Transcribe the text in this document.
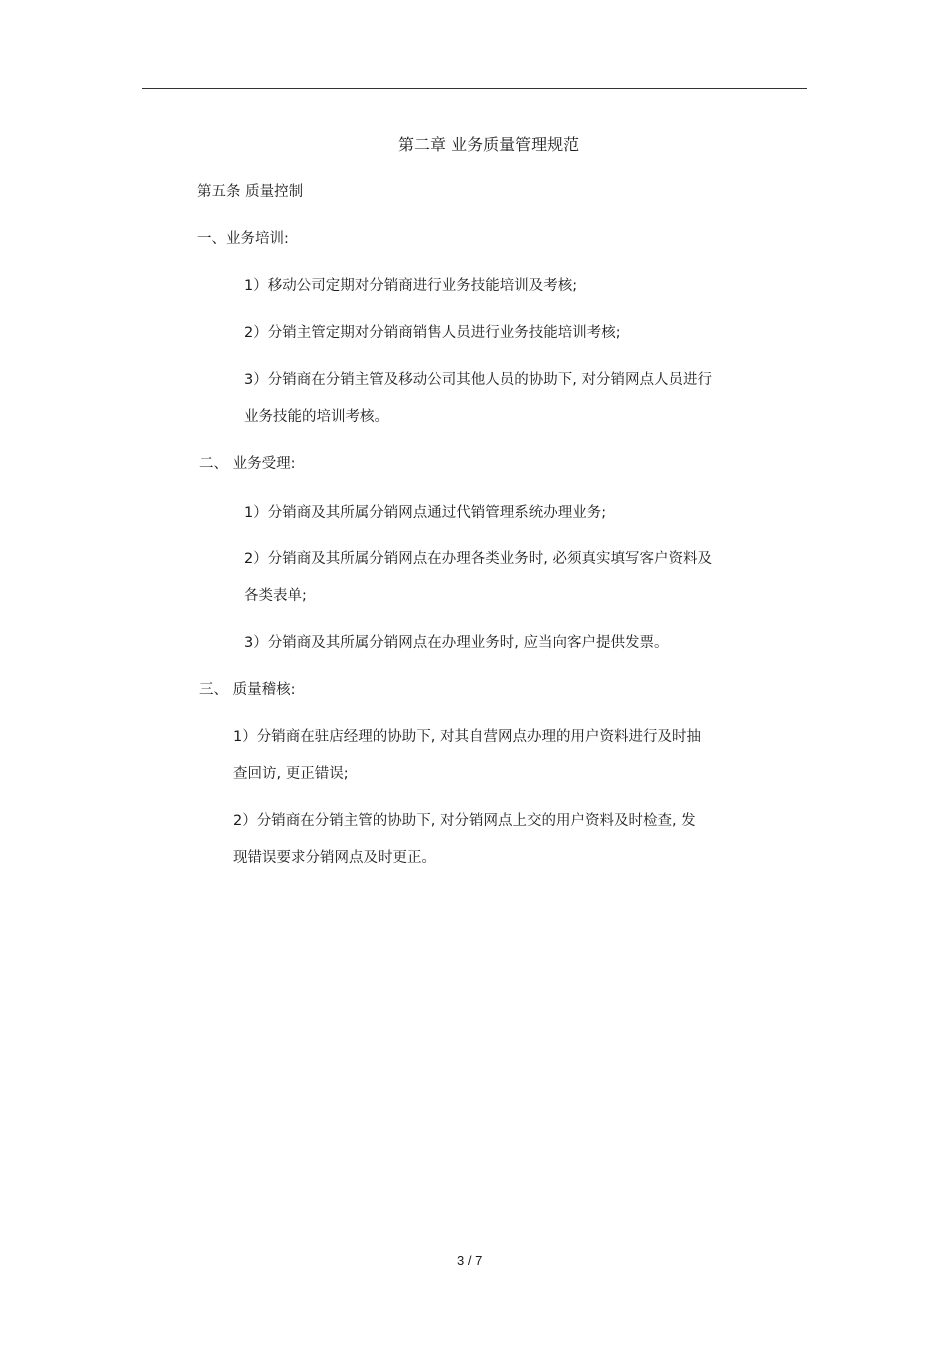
第二章 业务质量管理规范
第五条 质量控制
一、业务培训:
1）移动公司定期对分销商进行业务技能培训及考核;
2）分销主管定期对分销商销售人员进行业务技能培训考核;
3）分销商在分销主管及移动公司其他人员的协助下, 对分销网点人员进行
业务技能的培训考核。
二、 业务受理:
1）分销商及其所属分销网点通过代销管理系统办理业务;
2）分销商及其所属分销网点在办理各类业务时, 必须真实填写客户资料及
各类表单;
3）分销商及其所属分销网点在办理业务时, 应当向客户提供发票。
三、 质量稽核:
1）分销商在驻店经理的协助下, 对其自营网点办理的用户资料进行及时抽
查回访, 更正错误;
2）分销商在分销主管的协助下, 对分销网点上交的用户资料及时检查, 发
现错误要求分销网点及时更正。
3 / 7
